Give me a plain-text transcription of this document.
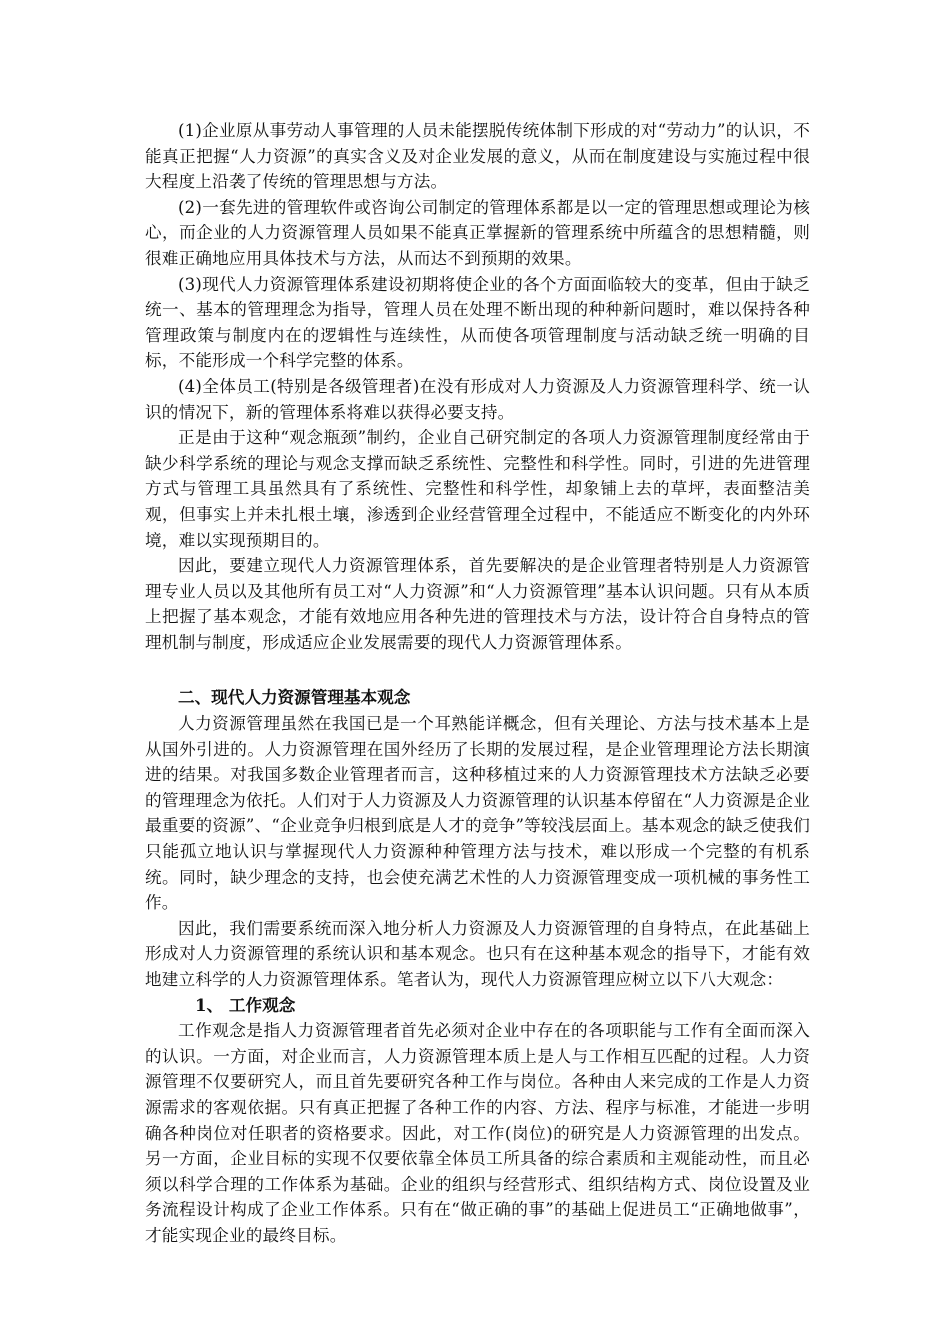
(1)企业原从事劳动人事管理的人员未能摆脱传统体制下形成的对“劳动力”的认识，不能真正把握“人力资源”的真实含义及对企业发展的意义，从而在制度建设与实施过程中很大程度上沿袭了传统的管理思想与方法。

(2)一套先进的管理软件或咨询公司制定的管理体系都是以一定的管理思想或理论为核心，而企业的人力资源管理人员如果不能真正掌握新的管理系统中所蕴含的思想精髓，则很难正确地应用具体技术与方法，从而达不到预期的效果。

(3)现代人力资源管理体系建设初期将使企业的各个方面面临较大的变革，但由于缺乏统一、基本的管理理念为指导，管理人员在处理不断出现的种种新问题时，难以保持各种管理政策与制度内在的逻辑性与连续性，从而使各项管理制度与活动缺乏统一明确的目标，不能形成一个科学完整的体系。

(4)全体员工(特别是各级管理者)在没有形成对人力资源及人力资源管理科学、统一认识的情况下，新的管理体系将难以获得必要支持。

正是由于这种“观念瓶颈”制约，企业自己研究制定的各项人力资源管理制度经常由于缺少科学系统的理论与观念支撑而缺乏系统性、完整性和科学性。同时，引进的先进管理方式与管理工具虽然具有了系统性、完整性和科学性，却象铺上去的草坪，表面整洁美观，但事实上并未扎根土壤，渗透到企业经营管理全过程中，不能适应不断变化的内外环境，难以实现预期目的。

因此，要建立现代人力资源管理体系，首先要解决的是企业管理者特别是人力资源管理专业人员以及其他所有员工对“人力资源”和“人力资源管理”基本认识问题。只有从本质上把握了基本观念，才能有效地应用各种先进的管理技术与方法，设计符合自身特点的管理机制与制度，形成适应企业发展需要的现代人力资源管理体系。

二、现代人力资源管理基本观念

人力资源管理虽然在我国已是一个耳熟能详概念，但有关理论、方法与技术基本上是从国外引进的。人力资源管理在国外经历了长期的发展过程，是企业管理理论方法长期演进的结果。对我国多数企业管理者而言，这种移植过来的人力资源管理技术方法缺乏必要的管理理念为依托。人们对于人力资源及人力资源管理的认识基本停留在“人力资源是企业最重要的资源”、“企业竞争归根到底是人才的竞争”等较浅层面上。基本观念的缺乏使我们只能孤立地认识与掌握现代人力资源种种管理方法与技术，难以形成一个完整的有机系统。同时，缺少理念的支持，也会使充满艺术性的人力资源管理变成一项机械的事务性工作。

因此，我们需要系统而深入地分析人力资源及人力资源管理的自身特点，在此基础上形成对人力资源管理的系统认识和基本观念。也只有在这种基本观念的指导下，才能有效地建立科学的人力资源管理体系。笔者认为，现代人力资源管理应树立以下八大观念：

1、 工作观念

工作观念是指人力资源管理者首先必须对企业中存在的各项职能与工作有全面而深入的认识。一方面，对企业而言，人力资源管理本质上是人与工作相互匹配的过程。人力资源管理不仅要研究人，而且首先要研究各种工作与岗位。各种由人来完成的工作是人力资源需求的客观依据。只有真正把握了各种工作的内容、方法、程序与标准，才能进一步明确各种岗位对任职者的资格要求。因此，对工作(岗位)的研究是人力资源管理的出发点。另一方面，企业目标的实现不仅要依靠全体员工所具备的综合素质和主观能动性，而且必须以科学合理的工作体系为基础。企业的组织与经营形式、组织结构方式、岗位设置及业务流程设计构成了企业工作体系。只有在“做正确的事”的基础上促进员工“正确地做事”，才能实现企业的最终目标。
